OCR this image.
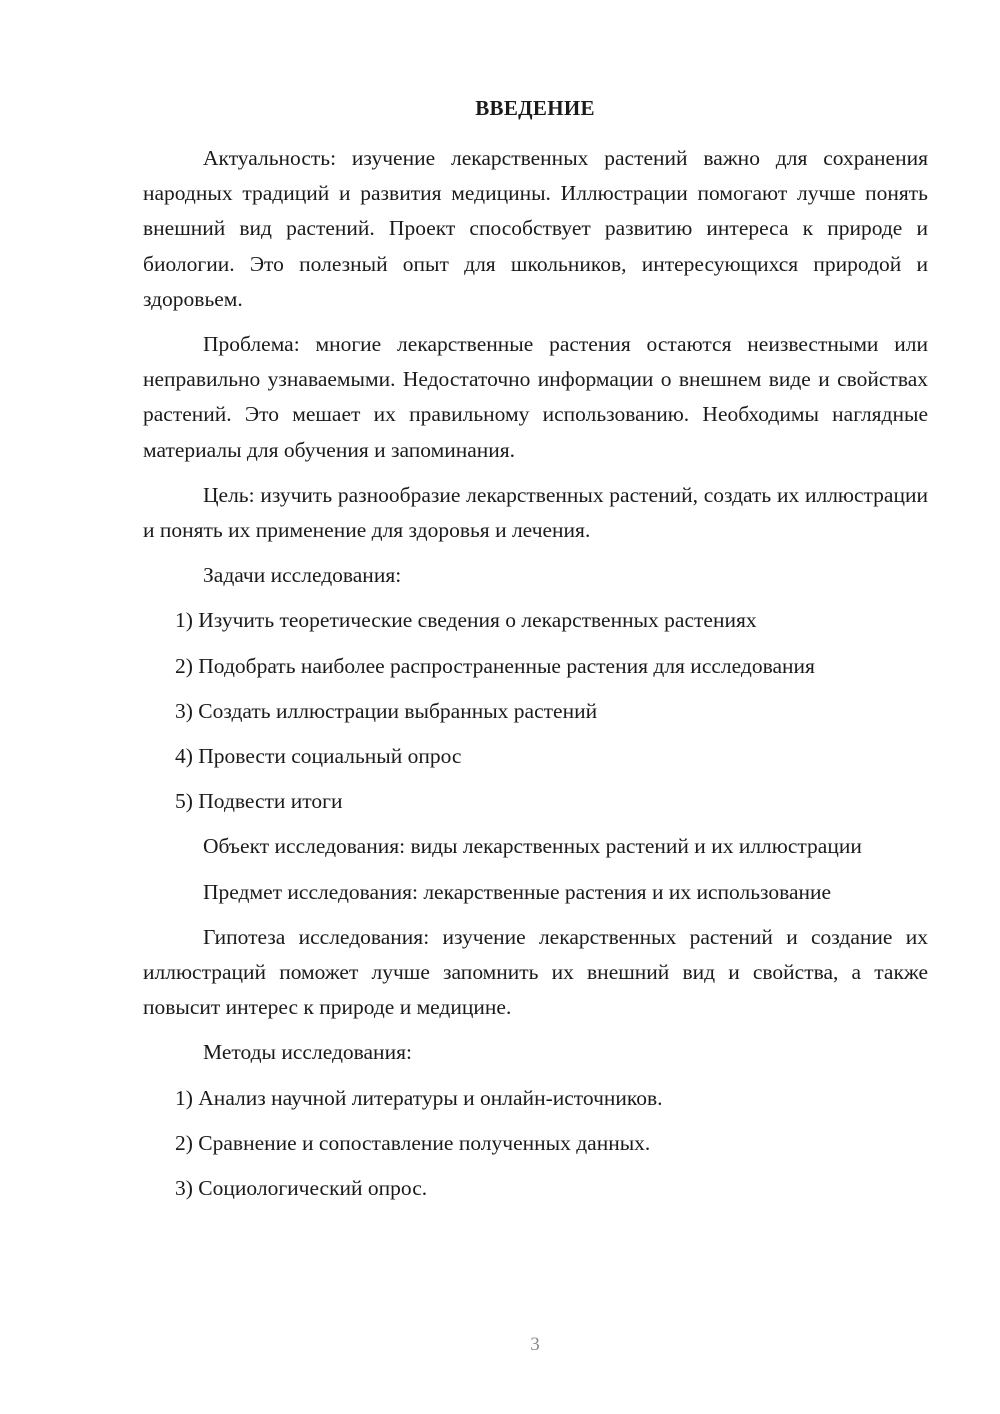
ВВЕДЕНИЕ

Актуальность: изучение лекарственных растений важно для сохранения народных традиций и развития медицины. Иллюстрации помогают лучше понять внешний вид растений. Проект способствует развитию интереса к природе и биологии. Это полезный опыт для школьников, интересующихся природой и здоровьем.

Проблема: многие лекарственные растения остаются неизвестными или неправильно узнаваемыми. Недостаточно информации о внешнем виде и свойствах растений. Это мешает их правильному использованию. Необходимы наглядные материалы для обучения и запоминания.

Цель: изучить разнообразие лекарственных растений, создать их иллюстрации и понять их применение для здоровья и лечения.

Задачи исследования:

1) Изучить теоретические сведения о лекарственных растениях
2) Подобрать наиболее распространенные растения для исследования
3) Создать иллюстрации выбранных растений
4) Провести социальный опрос
5) Подвести итоги

Объект исследования: виды лекарственных растений и их иллюстрации

Предмет исследования: лекарственные растения и их использование

Гипотеза исследования: изучение лекарственных растений и создание их иллюстраций поможет лучше запомнить их внешний вид и свойства, а также повысит интерес к природе и медицине.

Методы исследования:

1) Анализ научной литературы и онлайн-источников.
2) Сравнение и сопоставление полученных данных.
3) Социологический опрос.
3
